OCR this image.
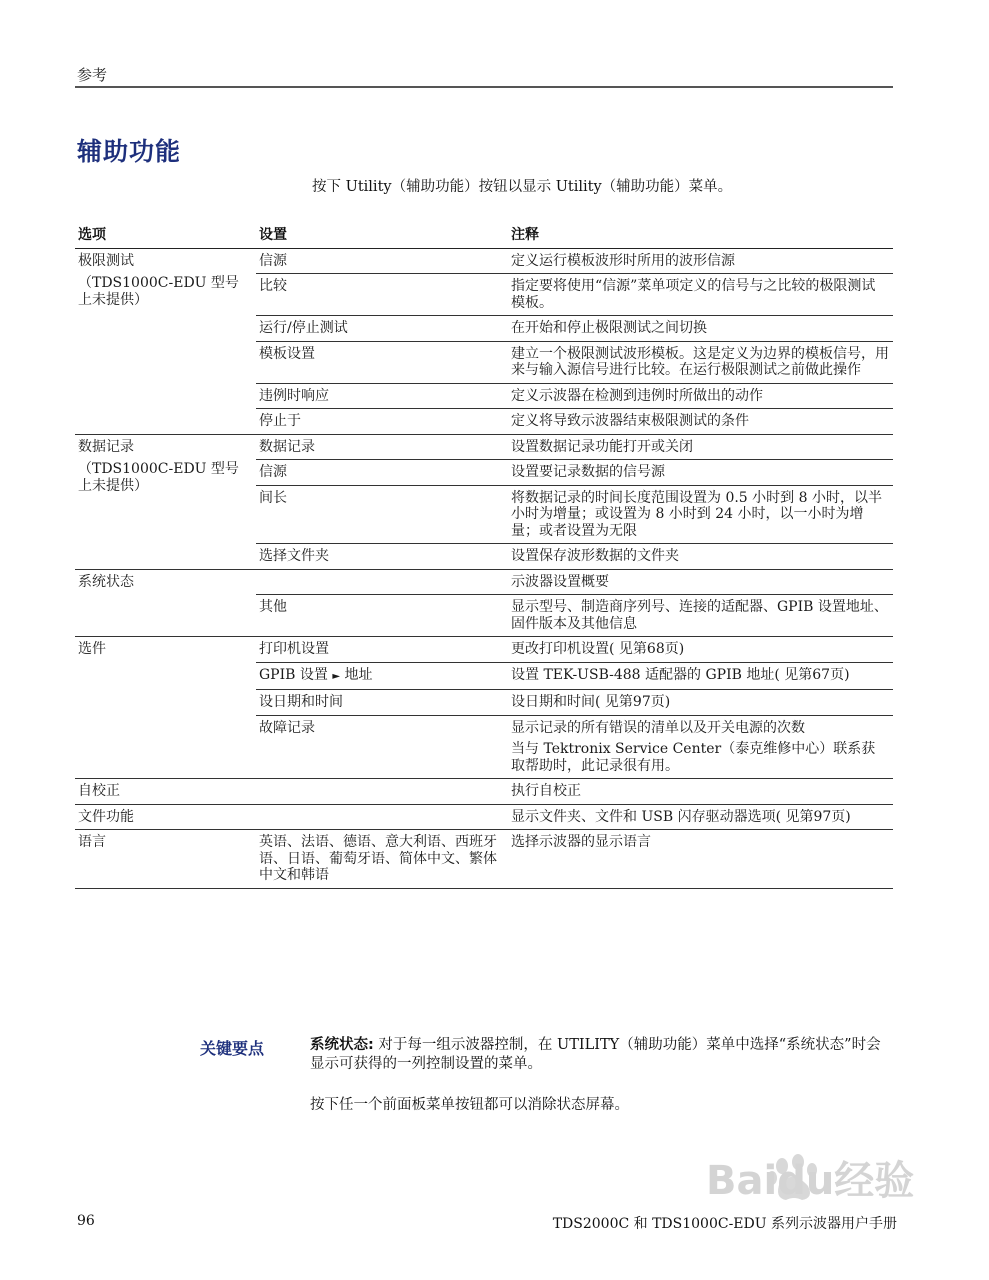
参考
辅助功能
按下 Utility（辅助功能）按钮以显示 Utility（辅助功能）菜单。
选项	设置	注释
极限测试
（TDS1000C-EDU 型号上未提供）	信源	定义运行模板波形时所用的波形信源
	比较	指定要将使用“信源”菜单项定义的信号与之比较的极限测试模板。
	运行/停止测试	在开始和停止极限测试之间切换
	模板设置	建立一个极限测试波形模板。这是定义为边界的模板信号，用来与输入源信号进行比较。在运行极限测试之前做此操作
	违例时响应	定义示波器在检测到违例时所做出的动作
	停止于	定义将导致示波器结束极限测试的条件
数据记录
（TDS1000C-EDU 型号上未提供）	数据记录	设置数据记录功能打开或关闭
	信源	设置要记录数据的信号源
	间长	将数据记录的时间长度范围设置为 0.5 小时到 8 小时，以半小时为增量；或设置为 8 小时到 24 小时，以一小时为增量；或者设置为无限
	选择文件夹	设置保存波形数据的文件夹
系统状态		示波器设置概要
	其他	显示型号、制造商序列号、连接的适配器、GPIB 设置地址、固件版本及其他信息
选件	打印机设置	更改打印机设置( 见第68页)
	GPIB 设置 ► 地址	设置 TEK-USB-488 适配器的 GPIB 地址( 见第67页)
	设日期和时间	设日期和时间( 见第97页)
	故障记录	显示记录的所有错误的清单以及开关电源的次数
当与 Tektronix Service Center（泰克维修中心）联系获取帮助时，此记录很有用。

自校正		执行自校正
文件功能		显示文件夹、文件和 USB 闪存驱动器选项( 见第97页)
语言	英语、法语、德语、意大利语、西班牙语、日语、葡萄牙语、简体中文、繁体中文和韩语	选择示波器的显示语言
关键要点	系统状态: 对于每一组示波器控制，在 UTILITY（辅助功能）菜单中选择“系统状态”时会显示可获得的一列控制设置的菜单。
按下任一个前面板菜单按钮都可以消除状态屏幕。
Baidu经验
96	TDS2000C 和 TDS1000C-EDU 系列示波器用户手册
